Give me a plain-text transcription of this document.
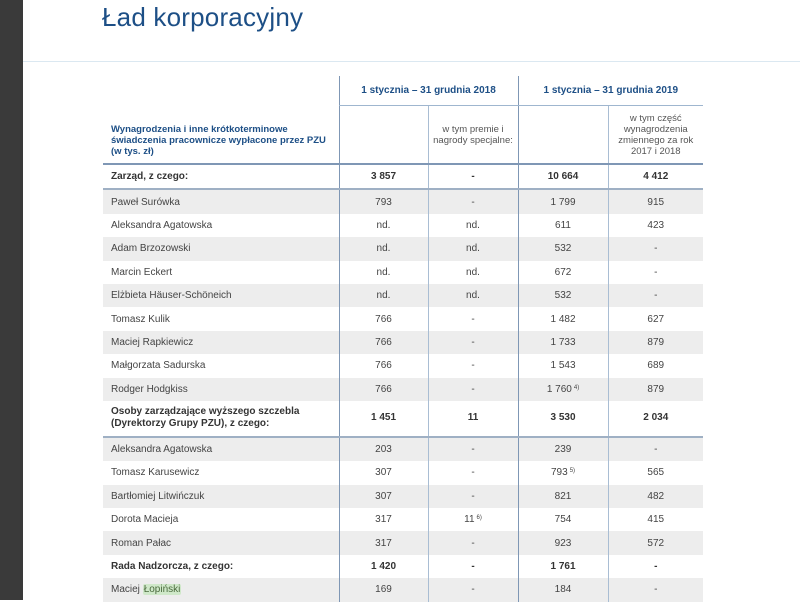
Ład korporacyjny
Wynagrodzenia i inne krótkoterminowe świadczenia pracownicze wypłacone przez PZU (w tys. zł)	1 stycznia – 31 grudnia 2018		1 stycznia – 31 grudnia 2019	
		w tym premie i nagrody specjalne:		w tym część wynagrodzenia zmiennego za rok 2017 i 2018
Zarząd, z czego:	3 857	-	10 664	4 412
Paweł Surówka	793	-	1 799	915
Aleksandra Agatowska	nd.	nd.	611	423
Adam Brzozowski	nd.	nd.	532	-
Marcin Eckert	nd.	nd.	672	-
Elżbieta Häuser-Schöneich	nd.	nd.	532	-
Tomasz Kulik	766	-	1 482	627
Maciej Rapkiewicz	766	-	1 733	879
Małgorzata Sadurska	766	-	1 543	689
Rodger Hodgkiss	766	-	1 760 $^{4)}$	879
Osoby zarządzające wyższego szczebla (Dyrektorzy Grupy PZU), z czego:	1 451	11	3 530	2 034
Aleksandra Agatowska	203	-	239	-
Tomasz Karusewicz	307	-	793 $^{5)}$	565
Bartłomiej Litwińczuk	307	-	821	482
Dorota Macieja	317	11 $^{6)}$	754	415
Roman Pałac	317	-	923	572
Rada Nadzorcza, z czego:	1 420	-	1 761	-
Maciej Łopiński	169	-	184	-
